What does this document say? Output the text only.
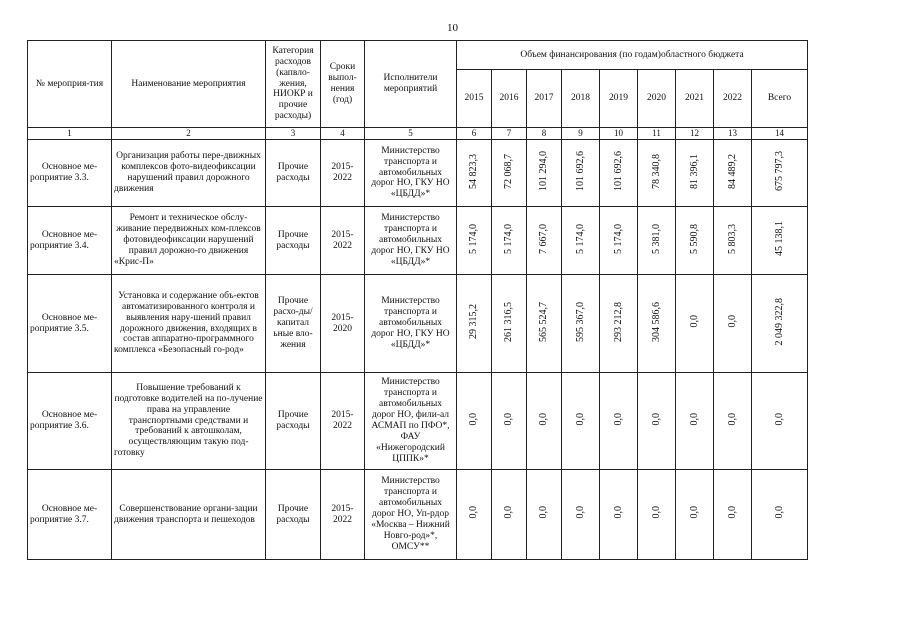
10
№ мероприя-тия	Наименование мероприятия	Категория расходов (капвло-жения, НИОКР и прочие расходы)	Сроки выпол-нения (год)	Исполнители мероприятий	Объем финансирования (по годам)областного бюджета								
					2015	2016	2017	2018	2019	2020	2021	2022	Всего
1	2	3	4	5	6	7	8	9	10	11	12	13	14
Основное ме-роприятие 3.3.	Организация работы пере-движных комплексов фото-видеофиксации нарушений правил дорожного движения	Прочие расходы	2015-2022	Министерство транспорта и автомобильных дорог НО, ГКУ НО «ЦБДД»*	54 823,3	72 068,7	101 294,0	101 692,6	101 692,6	78 340,8	81 396,1	84 489,2	675 797,3
Основное ме-роприятие 3.4.	Ремонт и техническое обслу-живание передвижных ком-плексов фотовидеофиксации нарушений правил дорожно-го движения «Крис-П»	Прочие расходы	2015-2022	Министерство транспорта и автомобильных дорог НО, ГКУ НО «ЦБДД»*	5 174,0	5 174,0	7 667,0	5 174,0	5 174,0	5 381,0	5 590,8	5 803,3	45 138,1
Основное ме-роприятие 3.5.	Установка и содержание объ-ектов автоматизированного контроля и выявления нару-шений правил дорожного движения, входящих в состав аппаратно-программного комплекса «Безопасный го-род»	Прочие расхо-ды/капитал ьные вло-жения	2015-2020	Министерство транспорта и автомобильных дорог НО, ГКУ НО «ЦБДД»*	29 315,2	261 316,5	565 524,7	595 367,0	293 212,8	304 586,6	0,0	0,0	2 049 322,8
Основное ме-роприятие 3.6.	Повышение требований к подготовке водителей на по-лучение права на управление транспортными средствами и требований к автошколам, осуществляющим такую под-готовку	Прочие расходы	2015-2022	Министерство транспорта и автомобильных дорог НО, фили-ал АСМАП по ПФО*, ФАУ «Нижегородский ЦППК»*	0,0	0,0	0,0	0,0	0,0	0,0	0,0	0,0	0,0
Основное ме-роприятие 3.7.	Совершенствование органи-зации движения транспорта и пешеходов	Прочие расходы	2015-2022	Министерство транспорта и автомобильных дорог НО, Уп-рдор «Москва – Нижний Новго-род»*, ОМСУ**	0,0	0,0	0,0	0,0	0,0	0,0	0,0	0,0	0,0
